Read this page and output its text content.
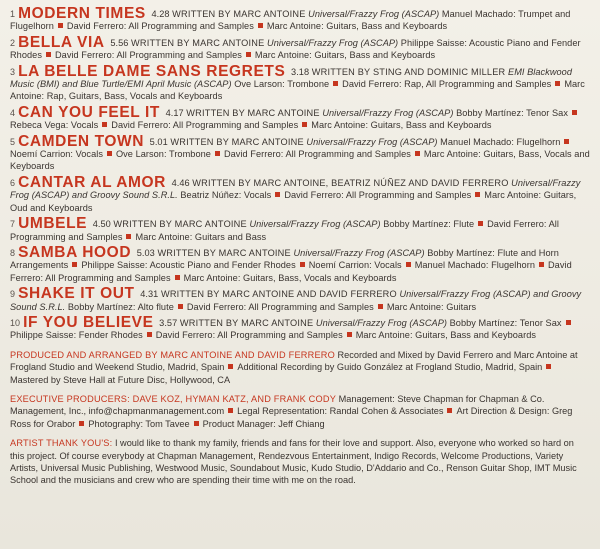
1 MODERN TIMES 4.28 WRITTEN BY MARC ANTOINE Universal/Frazzy Frog (ASCAP) Manuel Machado: Trumpet and Flugelhorn David Ferrero: All Programming and Samples Marc Antoine: Guitars, Bass and Keyboards
2 BELLA VIA 5.56 WRITTEN BY MARC ANTOINE Universal/Frazzy Frog (ASCAP) Philippe Saisse: Acoustic Piano and Fender Rhodes David Ferrero: All Programming and Samples Marc Antoine: Guitars, Bass and Keyboards
3 LA BELLE DAME SANS REGRETS 3.18 WRITTEN BY STING AND DOMINIC MILLER EMI Blackwood Music (BMI) and Blue Turtle/EMI April Music (ASCAP) Ove Larson: Trombone David Ferrero: Rap, All Programming and Samples Marc Antoine: Rap, Guitars, Bass, Vocals and Keyboards
4 CAN YOU FEEL IT 4.17 WRITTEN BY MARC ANTOINE Universal/Frazzy Frog (ASCAP) Bobby Martínez: Tenor SaxRebeca Vega: Vocals David Ferrero: All Programming and Samples Marc Antoine: Guitars, Bass and Keyboards
5 CAMDEN TOWN 5.01 WRITTEN BY MARC ANTOINE Universal/Frazzy Frog (ASCAP) Manuel Machado: FlugelhornNoemí Carrion: Vocals Ove Larson: Trombone David Ferrero: All Programming and Samples Marc Antoine: Guitars, Bass, Vocals and Keyboards
6 CANTAR AL AMOR 4.46 WRITTEN BY MARC ANTOINE, BEATRIZ NÚÑEZ AND DAVID FERRERO Universal/Frazzy Frog (ASCAP) and Groovy Sound S.R.L. Beatriz Núñez: Vocals David Ferrero: All Programming and Samples Marc Antoine: Guitars, Oud and Keyboards
7 UMBELE 4.50 WRITTEN BY MARC ANTOINE Universal/Frazzy Frog (ASCAP) Bobby Martínez: Flute David Ferrero: All Programming and Samples Marc Antoine: Guitars and Bass
8 SAMBA HOOD 5.03 WRITTEN BY MARC ANTOINE Universal/Frazzy Frog (ASCAP) Bobby Martínez: Flute and Horn Arrangements Philippe Saisse: Acoustic Piano and Fender Rhodes Noemí Carrion: Vocals Manuel Machado: Flugelhorn David Ferrero: All Programming and Samples Marc Antoine: Guitars, Bass, Vocals and Keyboards
9 SHAKE IT OUT 4.31 WRITTEN BY MARC ANTOINE AND DAVID FERRERO Universal/Frazzy Frog (ASCAP) and Groovy Sound S.R.L. Bobby Martínez: Alto flute David Ferrero: All Programming and Samples Marc Antoine: Guitars
10 IF YOU BELIEVE 3.57 WRITTEN BY MARC ANTOINE Universal/Frazzy Frog (ASCAP) Bobby Martínez: Tenor SaxPhilippe Saisse: Fender Rhodes David Ferrero: All Programming and Samples Marc Antoine: Guitars, Bass and Keyboards
PRODUCED AND ARRANGED BY MARC ANTOINE AND DAVID FERRERO Recorded and Mixed by David Ferrero and Marc Antoine at Frogland Studio and Weekend Studio, Madrid, Spain Additional Recording by Guido González at Frogland Studio, Madrid, SpainMastered by Steve Hall at Future Disc, Hollywood, CA
EXECUTIVE PRODUCERS: DAVE KOZ, HYMAN KATZ, AND FRANK CODY Management: Steve Chapman for Chapman & Co. Management, Inc., info@chapmanmanagement.com Legal Representation: Randal Cohen & Associates Art Direction & Design: Greg Ross for Orabor Photography: Tom Tavee Product Manager: Jeff Chiang
ARTIST THANK YOU'S: I would like to thank my family, friends and fans for their love and support. Also, everyone who worked so hard on this project. Of course everybody at Chapman Management, Rendezvous Entertainment, Indigo Records, Welcome Productions, Variety Artists, Universal Music Publishing, Westwood Music, Soundabout Music, Kudo Studio, D'Addario and Co., Renson Guitar Shop, IMT Music School and the musicians and crew who are spending their time with me on the road.
